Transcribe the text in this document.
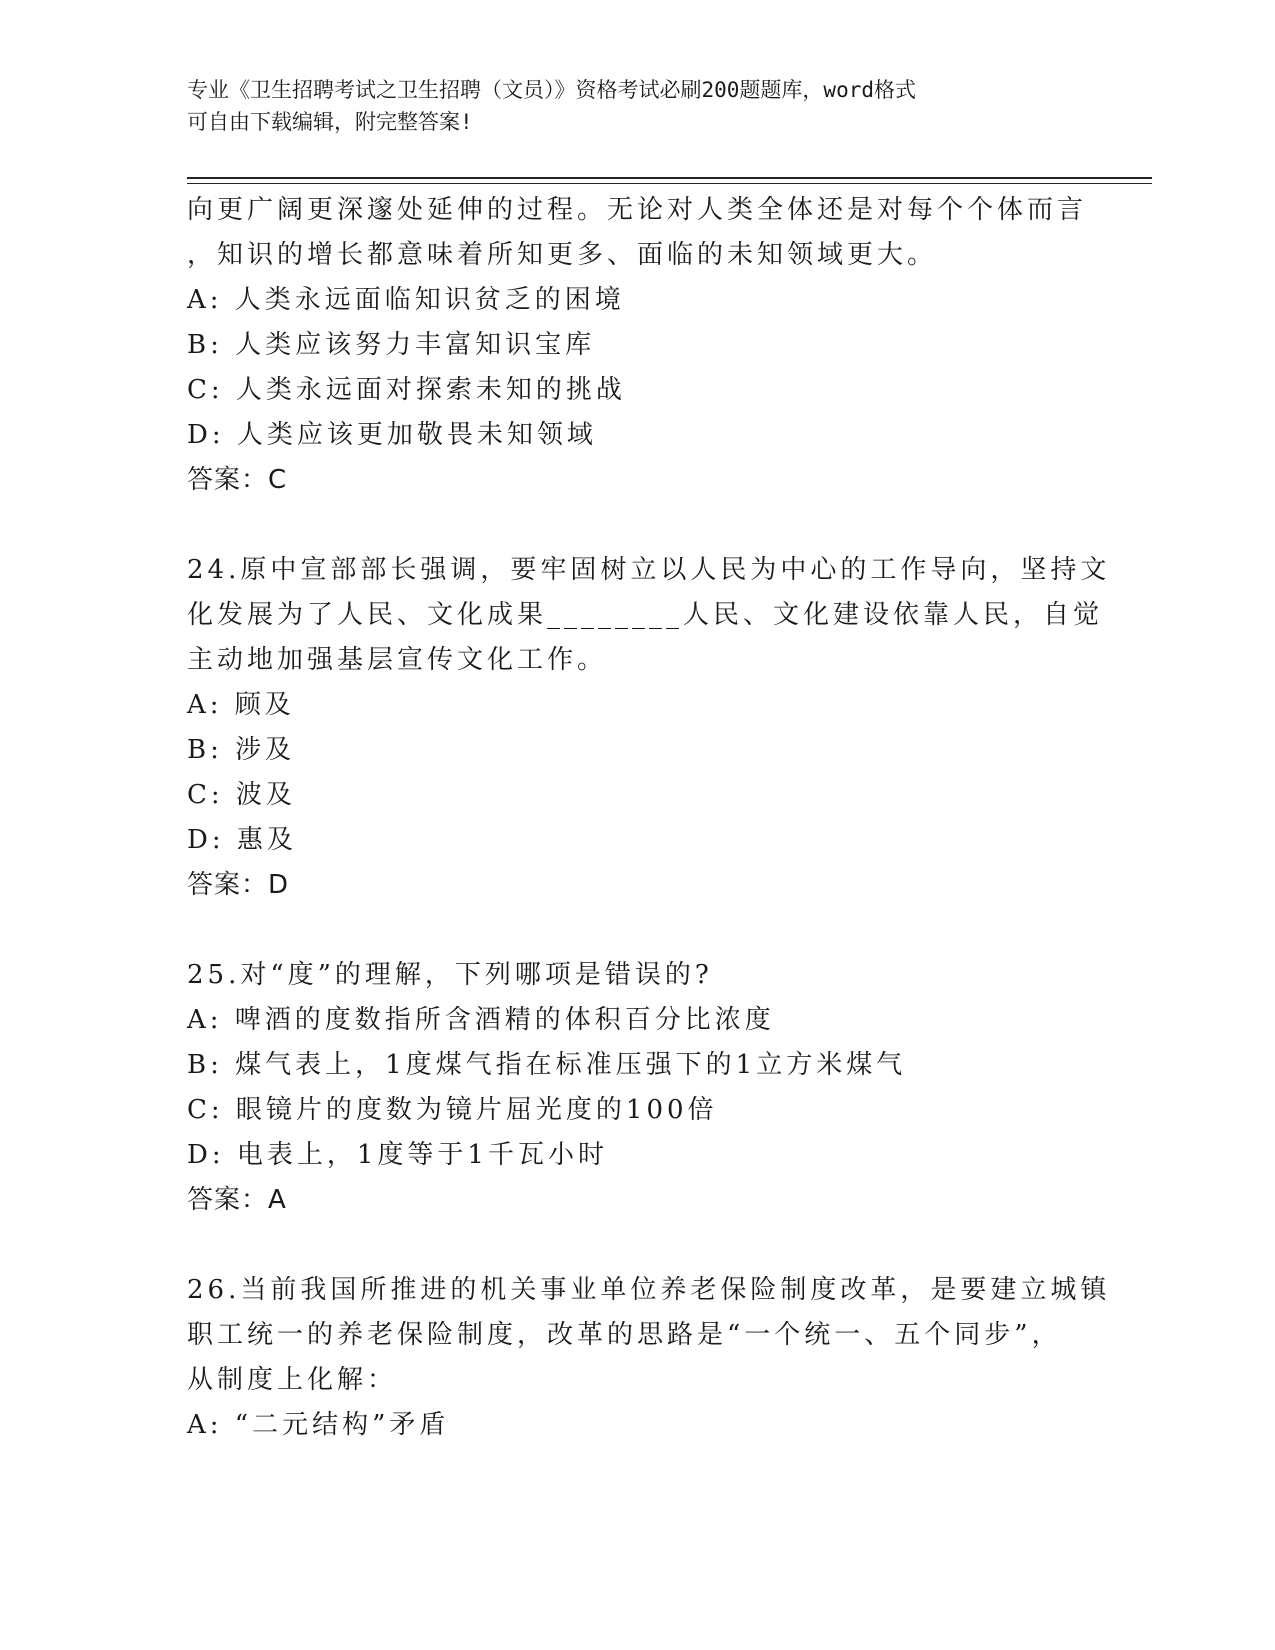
专业《卫生招聘考试之卫生招聘（文员）》资格考试必刷200题题库，word格式
可自由下载编辑，附完整答案!
向更广阔更深邃处延伸的过程。无论对人类全体还是对每个个体而言
，知识的增长都意味着所知更多、面临的未知领域更大。
A: 人类永远面临知识贫乏的困境
B: 人类应该努力丰富知识宝库
C: 人类永远面对探索未知的挑战
D: 人类应该更加敬畏未知领域
答案：C
24.原中宣部部长强调，要牢固树立以人民为中心的工作导向，坚持文
化发展为了人民、文化成果________人民、文化建设依靠人民，自觉
主动地加强基层宣传文化工作。
A: 顾及
B: 涉及
C: 波及
D: 惠及
答案：D
25.对“度”的理解，下列哪项是错误的?
A: 啤酒的度数指所含酒精的体积百分比浓度
B: 煤气表上，1度煤气指在标准压强下的1立方米煤气
C: 眼镜片的度数为镜片屈光度的100倍
D: 电表上，1度等于1千瓦小时
答案：A
26.当前我国所推进的机关事业单位养老保险制度改革，是要建立城镇
职工统一的养老保险制度，改革的思路是“一个统一、五个同步”，
从制度上化解：
A: “二元结构”矛盾
